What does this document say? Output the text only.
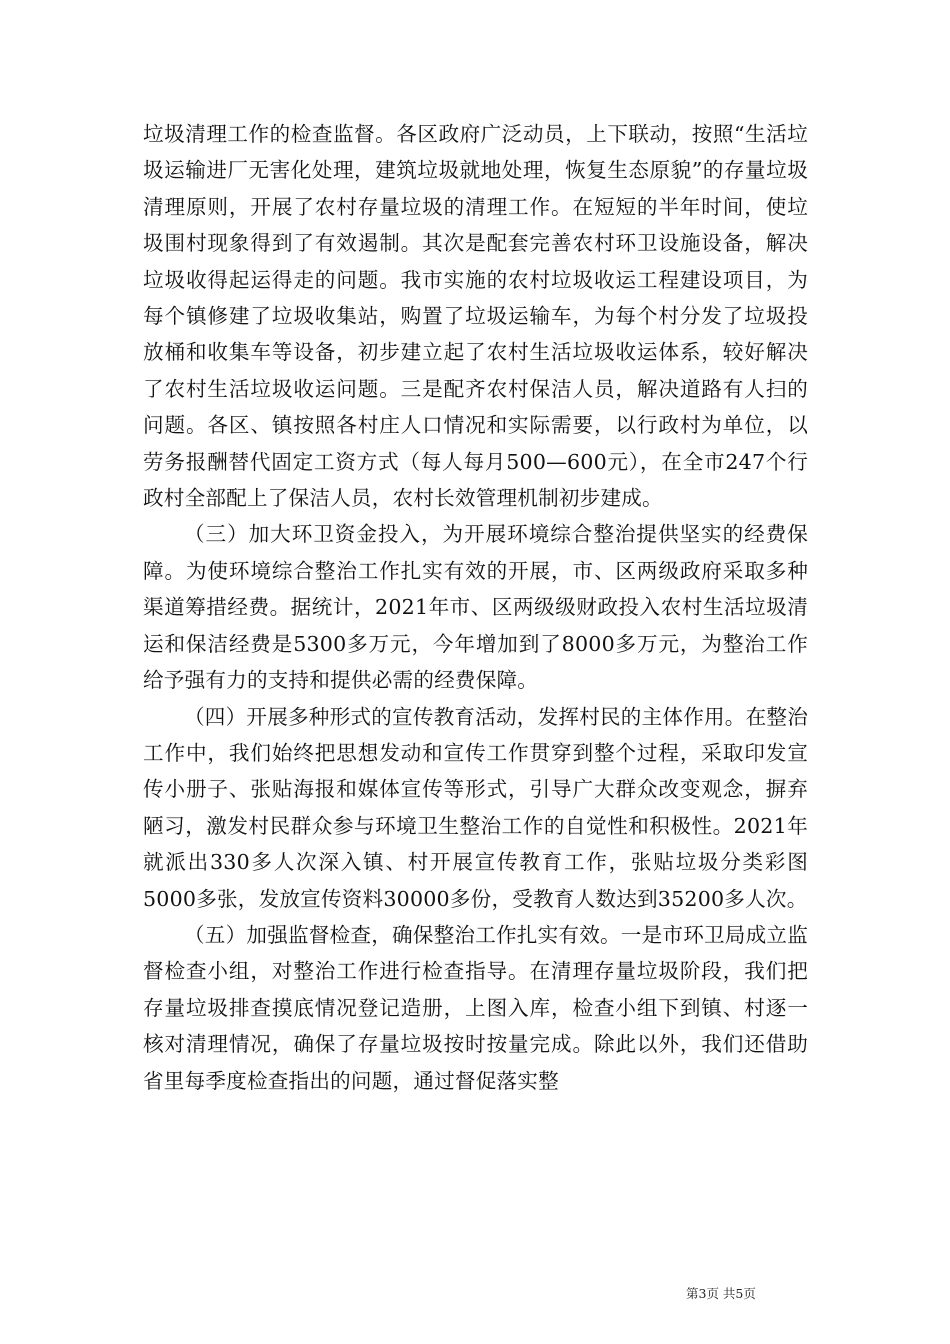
垃圾清理工作的检查监督。各区政府广泛动员，上下联动，按照“生活垃圾运输进厂无害化处理，建筑垃圾就地处理，恢复生态原貌”的存量垃圾清理原则，开展了农村存量垃圾的清理工作。在短短的半年时间，使垃圾围村现象得到了有效遏制。其次是配套完善农村环卫设施设备，解决垃圾收得起运得走的问题。我市实施的农村垃圾收运工程建设项目，为每个镇修建了垃圾收集站，购置了垃圾运输车，为每个村分发了垃圾投放桶和收集车等设备，初步建立起了农村生活垃圾收运体系，较好解决了农村生活垃圾收运问题。三是配齐农村保洁人员，解决道路有人扫的问题。各区、镇按照各村庄人口情况和实际需要，以行政村为单位，以劳务报酬替代固定工资方式（每人每月500—600元），在全市247个行政村全部配上了保洁人员，农村长效管理机制初步建成。

（三）加大环卫资金投入，为开展环境综合整治提供坚实的经费保障。为使环境综合整治工作扎实有效的开展，市、区两级政府采取多种渠道筹措经费。据统计，2021年市、区两级级财政投入农村生活垃圾清运和保洁经费是5300多万元，今年增加到了8000多万元，为整治工作给予强有力的支持和提供必需的经费保障。

（四）开展多种形式的宣传教育活动，发挥村民的主体作用。在整治工作中，我们始终把思想发动和宣传工作贯穿到整个过程，采取印发宣传小册子、张贴海报和媒体宣传等形式，引导广大群众改变观念，摒弃陋习，激发村民群众参与环境卫生整治工作的自觉性和积极性。2021年就派出330多人次深入镇、村开展宣传教育工作，张贴垃圾分类彩图5000多张，发放宣传资料30000多份，受教育人数达到35200多人次。

（五）加强监督检查，确保整治工作扎实有效。一是市环卫局成立监督检查小组，对整治工作进行检查指导。在清理存量垃圾阶段，我们把存量垃圾排查摸底情况登记造册，上图入库，检查小组下到镇、村逐一核对清理情况，确保了存量垃圾按时按量完成。除此以外，我们还借助省里每季度检查指出的问题，通过督促落实整

第3页 共5页
